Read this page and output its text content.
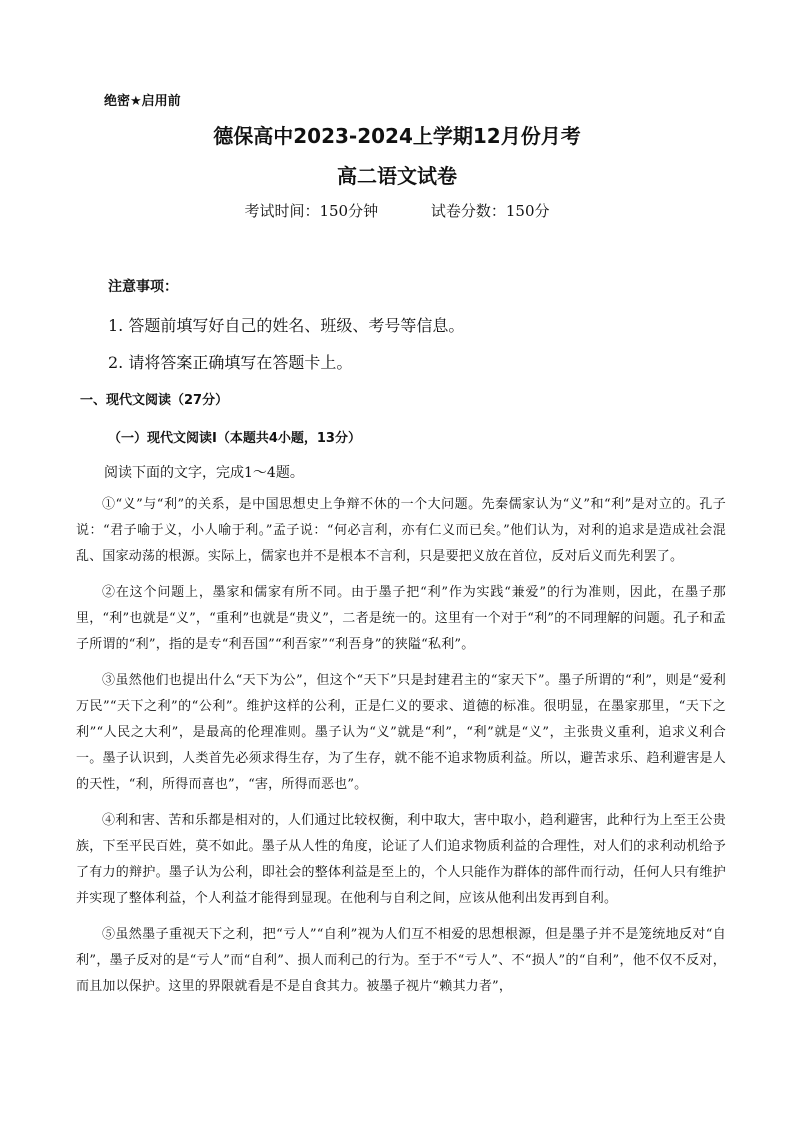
绝密★启用前
德保高中2023-2024上学期12月份月考
高二语文试卷
考试时间：150分钟	试卷分数：150分
注意事项：
1. 答题前填写好自己的姓名、班级、考号等信息。
2. 请将答案正确填写在答题卡上。
一、现代文阅读（27分）
（一）现代文阅读Ⅰ（本题共4小题，13分）
阅读下面的文字，完成1～4题。

①“义”与“利”的关系，是中国思想史上争辩不休的一个大问题。先秦儒家认为“义”和“利”是对立的。孔子说：“君子喻于义，小人喻于利。”孟子说：“何必言利，亦有仁义而已矣。”他们认为，对利的追求是造成社会混乱、国家动荡的根源。实际上，儒家也并不是根本不言利，只是要把义放在首位，反对后义而先利罢了。

②在这个问题上，墨家和儒家有所不同。由于墨子把“利”作为实践“兼爱”的行为准则，因此，在墨子那里，“利”也就是“义”，“重利”也就是“贵义”，二者是统一的。这里有一个对于“利”的不同理解的问题。孔子和孟子所谓的“利”，指的是专“利吾国”“利吾家”“利吾身”的狭隘“私利”。

③虽然他们也提出什么“天下为公”，但这个“天下”只是封建君主的“家天下”。墨子所谓的“利”，则是“爱利万民”“天下之利”的“公利”。维护这样的公利，正是仁义的要求、道德的标准。很明显，在墨家那里，“天下之利”“人民之大利”，是最高的伦理准则。墨子认为“义”就是“利”，“利”就是“义”，主张贵义重利，追求义利合一。墨子认识到，人类首先必须求得生存，为了生存，就不能不追求物质利益。所以，避苦求乐、趋利避害是人的天性，“利，所得而喜也”，“害，所得而恶也”。

④利和害、苦和乐都是相对的，人们通过比较权衡，利中取大，害中取小，趋利避害，此种行为上至王公贵族，下至平民百姓，莫不如此。墨子从人性的角度，论证了人们追求物质利益的合理性，对人们的求利动机给予了有力的辩护。墨子认为公利，即社会的整体利益是至上的，个人只能作为群体的部件而行动，任何人只有维护并实现了整体利益，个人利益才能得到显现。在他利与自利之间，应该从他利出发再到自利。

⑤虽然墨子重视天下之利，把“亏人”“自利”视为人们互不相爱的思想根源，但是墨子并不是笼统地反对“自利”，墨子反对的是“亏人”而“自利”、损人而利己的行为。至于不“亏人”、不“损人”的“自利”，他不仅不反对，而且加以保护。这里的界限就看是不是自食其力。被墨子视片“赖其力者”，
